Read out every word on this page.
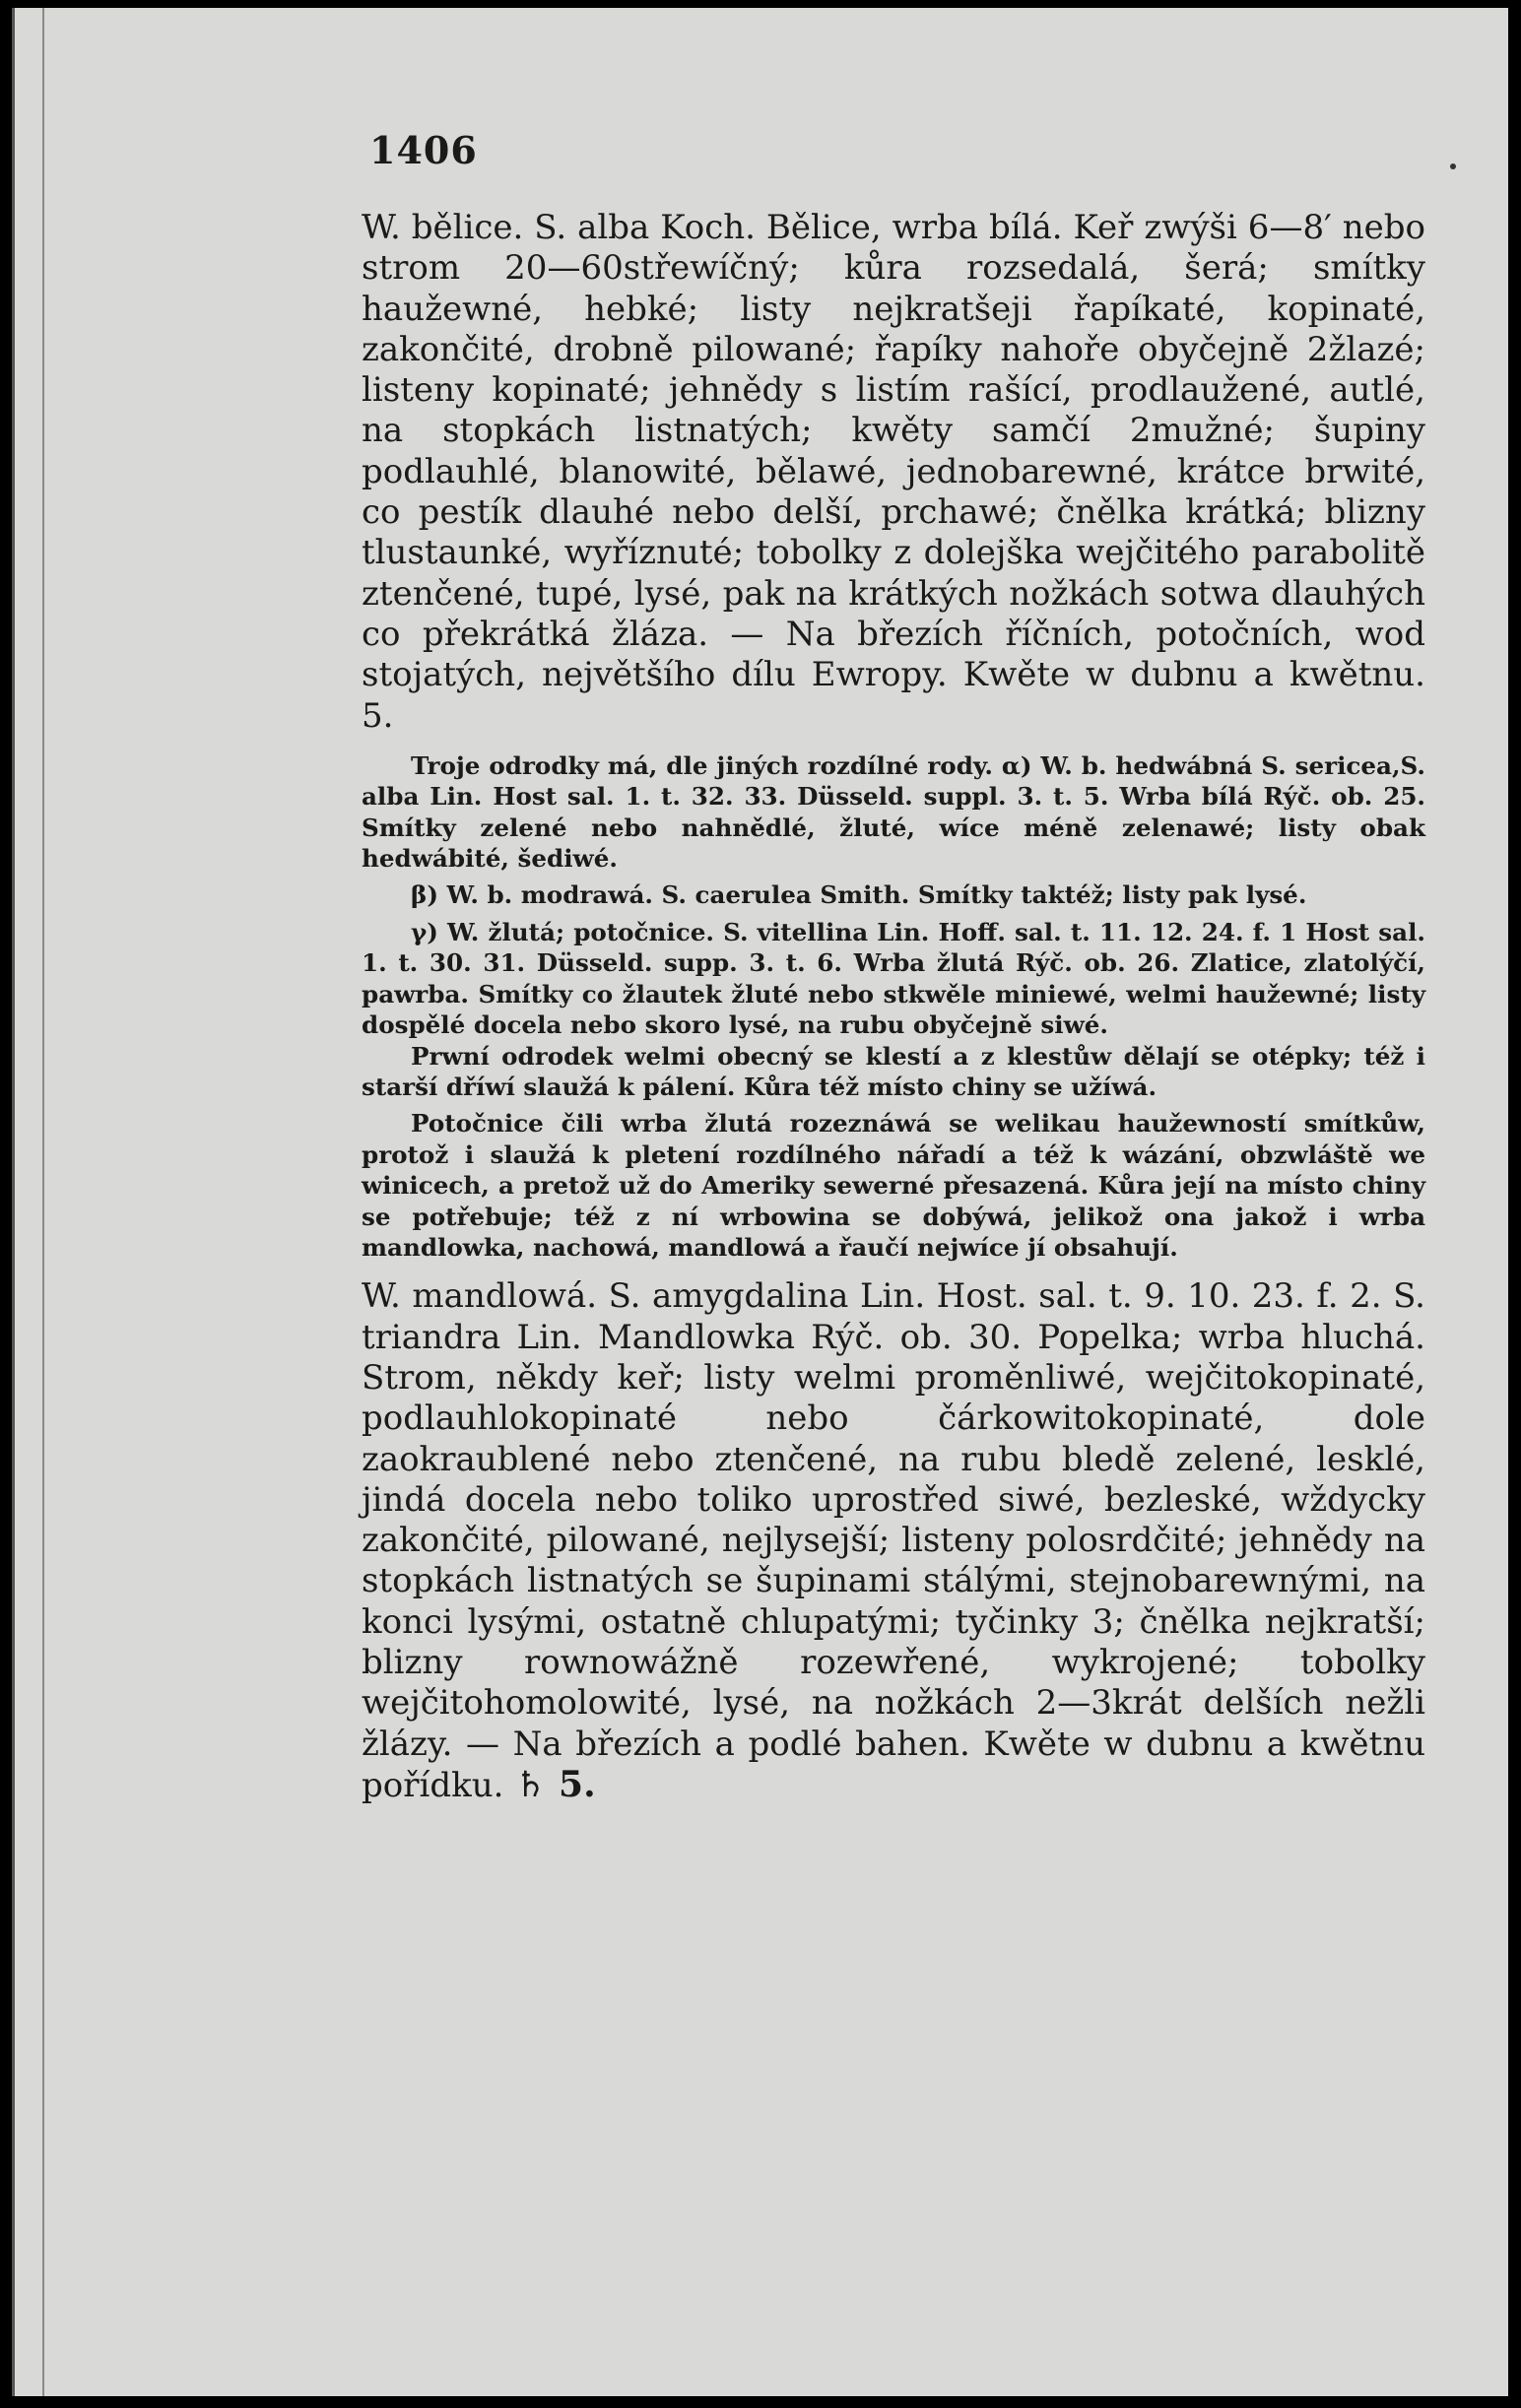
1406

W. bělice. S. alba Koch. Bělice, wrba bílá. Keř zwýši 6—8′ nebo strom 20—60střewíčný; kůra rozsedalá, šerá; smítky haužewné, hebké; listy nejkratšeji řapíkaté, kopinaté, zakončité, drobně pilowané; řapíky nahoře obyčejně 2žlazé; listeny kopinaté; jehnědy s listím rašící, prodlaužené, autlé, na stopkách listnatých; kwěty samčí 2mužné; šupiny podlauhlé, blanowité, bělawé, jednobarewné, krátce brwité, co pestík dlauhé nebo delší, prchawé; čnělka krátká; blizny tlustaunké, wyříznuté; tobolky z dolejška wejčitého parabolitě ztenčené, tupé, lysé, pak na krátkých nožkách sotwa dlauhých co překrátká žláza. — Na březích říčních, potočních, wod stojatých, největšího dílu Ewropy. Kwěte w dubnu a kwětnu. 5.

Troje odrodky má, dle jiných rozdílné rody. α) W. b. hedwábná S. sericea,S. alba Lin. Host sal. 1. t. 32. 33. Düsseld. suppl. 3. t. 5. Wrba bílá Rýč. ob. 25. Smítky zelené nebo nahnědlé, žluté, wíce méně zelenawé; listy obak hedwábité, šediwé.

β) W. b. modrawá. S. caerulea Smith. Smítky taktéž; listy pak lysé.

γ) W. žlutá; potočnice. S. vitellina Lin. Hoff. sal. t. 11. 12. 24. f. 1 Host sal. 1. t. 30. 31. Düsseld. supp. 3. t. 6. Wrba žlutá Rýč. ob. 26. Zlatice, zlatolýčí, pawrba. Smítky co žlautek žluté nebo stkwěle miniewé, welmi haužewné; listy dospělé docela nebo skoro lysé, na rubu obyčejně siwé.

Prwní odrodek welmi obecný se klestí a z klestůw dělají se otépky; též i starší dříwí slaužá k pálení. Kůra též místo chiny se užíwá.

Potočnice čili wrba žlutá rozeznáwá se welikau haužewností smítkůw, protož i slaužá k pletení rozdílného nářadí a též k wázání, obzwláště we winicech, a pretož už do Ameriky sewerné přesazená. Kůra její na místo chiny se potřebuje; též z ní wrbowina se dobýwá, jelikož ona jakož i wrba mandlowka, nachowá, mandlowá a řaučí nejwíce jí obsahují.

W. mandlowá. S. amygdalina Lin. Host. sal. t. 9. 10. 23. f. 2. S. triandra Lin. Mandlowka Rýč. ob. 30. Popelka; wrba hluchá. Strom, někdy keř; listy welmi proměnliwé, wejčitokopinaté, podlauhlokopinaté nebo čárkowitokopinaté, dole zaokraublené nebo ztenčené, na rubu bledě zelené, lesklé, jindá docela nebo toliko uprostřed siwé, bezleské, wždycky zakončité, pilowané, nejlysejší; listeny polosrdčité; jehnědy na stopkách listnatých se šupinami stálými, stejnobarewnými, na konci lysými, ostatně chlupatými; tyčinky 3; čnělka nejkratší; blizny rownowážně rozewřené, wykrojené; tobolky wejčitohomolowité, lysé, na nožkách 2—3krát delších nežli žlázy. — Na březích a podlé bahen. Kwěte w dubnu a kwětnu pořídku. ♄ 5.
